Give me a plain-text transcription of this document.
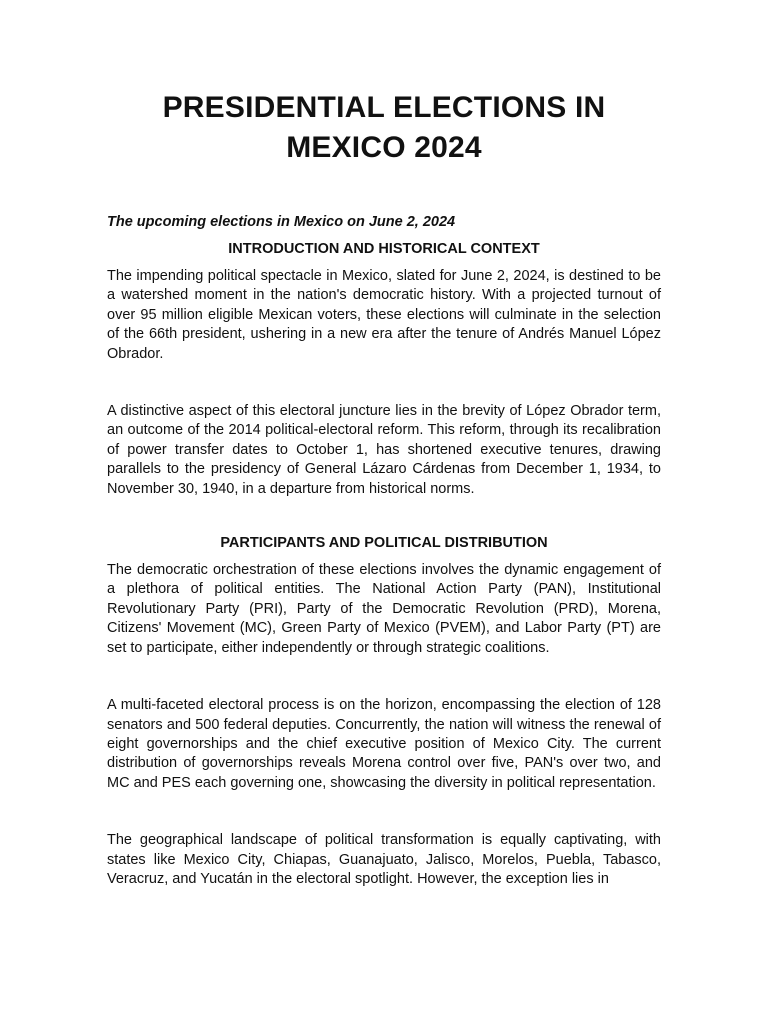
PRESIDENTIAL ELECTIONS IN
MEXICO 2024

The upcoming elections in Mexico on June 2, 2024

INTRODUCTION AND HISTORICAL CONTEXT

The impending political spectacle in Mexico, slated for June 2, 2024, is destined to be a watershed moment in the nation's democratic history. With a projected turnout of over 95 million eligible Mexican voters, these elections will culminate in the selection of the 66th president, ushering in a new era after the tenure of Andrés Manuel López Obrador.

A distinctive aspect of this electoral juncture lies in the brevity of López Obrador term, an outcome of the 2014 political-electoral reform. This reform, through its recalibration of power transfer dates to October 1, has shortened executive tenures, drawing parallels to the presidency of General Lázaro Cárdenas from December 1, 1934, to November 30, 1940, in a departure from historical norms.

PARTICIPANTS AND POLITICAL DISTRIBUTION

The democratic orchestration of these elections involves the dynamic engagement of a plethora of political entities. The National Action Party (PAN), Institutional Revolutionary Party (PRI), Party of the Democratic Revolution (PRD), Morena, Citizens' Movement (MC), Green Party of Mexico (PVEM), and Labor Party (PT) are set to participate, either independently or through strategic coalitions.

A multi-faceted electoral process is on the horizon, encompassing the election of 128 senators and 500 federal deputies. Concurrently, the nation will witness the renewal of eight governorships and the chief executive position of Mexico City. The current distribution of governorships reveals Morena control over five, PAN's over two, and MC and PES each governing one, showcasing the diversity in political representation.

The geographical landscape of political transformation is equally captivating, with states like Mexico City, Chiapas, Guanajuato, Jalisco, Morelos, Puebla, Tabasco, Veracruz, and Yucatán in the electoral spotlight. However, the exception lies in
